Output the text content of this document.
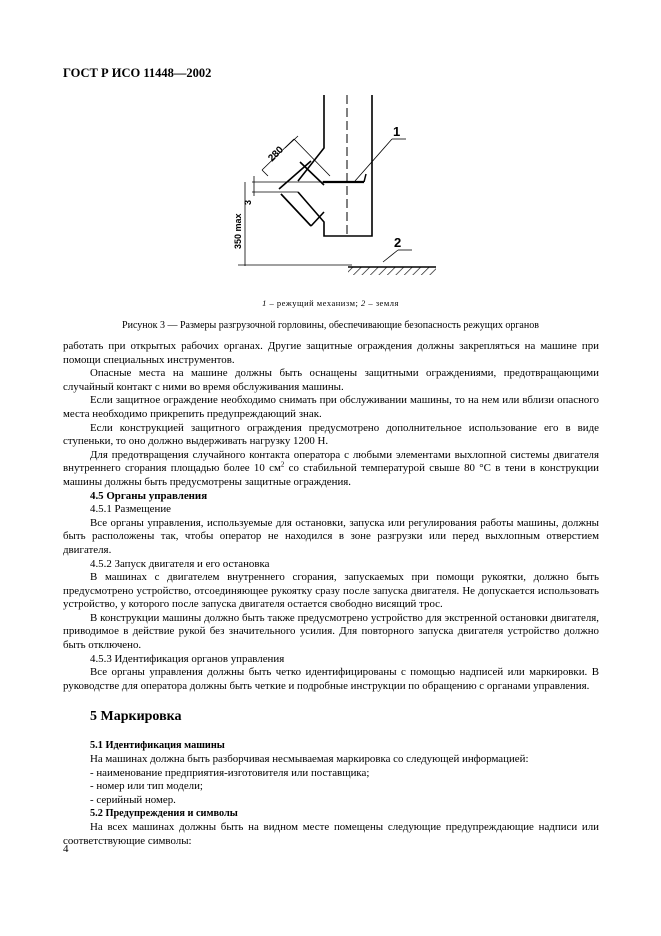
ГОСТ Р ИСО 11448—2002
280
3
350 max
1
2
1 – режущий механизм; 2 – земля
Рисунок 3 — Размеры разгрузочной горловины, обеспечивающие безопасность режущих органов

работать при открытых рабочих органах. Другие защитные ограждения должны закрепляться на машине при помощи специальных инструментов.

Опасные места на машине должны быть оснащены защитными ограждениями, предотвращающими случайный контакт с ними во время обслуживания машины.

Если защитное ограждение необходимо снимать при обслуживании машины, то на нем или вблизи опасного места необходимо прикрепить предупреждающий знак.

Если конструкцией защитного ограждения предусмотрено дополнительное использование его в виде ступеньки, то оно должно выдерживать нагрузку 1200 Н.

Для предотвращения случайного контакта оператора с любыми элементами выхлопной системы двигателя внутреннего сгорания площадью более 10 $см^2$ со стабильной температурой свыше 80 °С в тени в конструкции машины должны быть предусмотрены защитные ограждения.

4.5 Органы управления

4.5.1 Размещение

Все органы управления, используемые для остановки, запуска или регулирования работы машины, должны быть расположены так, чтобы оператор не находился в зоне разгрузки или перед выхлопным отверстием двигателя.

4.5.2 Запуск двигателя и его остановка

В машинах с двигателем внутреннего сгорания, запускаемых при помощи рукоятки, должно быть предусмотрено устройство, отсоединяющее рукоятку сразу после запуска двигателя. Не допускается использовать устройство, у которого после запуска двигателя остается свободно висящий трос.

В конструкции машины должно быть также предусмотрено устройство для экстренной остановки двигателя, приводимое в действие рукой без значительного усилия. Для повторного запуска двигателя устройство должно быть отключено.

4.5.3 Идентификация органов управления

Все органы управления должны быть четко идентифицированы с помощью надписей или маркировки. В руководстве для оператора должны быть четкие и подробные инструкции по обращению с органами управления.

5 Маркировка

5.1 Идентификация машины

На машинах должна быть разборчивая несмываемая маркировка со следующей информацией:

- наименование предприятия-изготовителя или поставщика;

- номер или тип модели;

- серийный номер.

5.2 Предупреждения и символы

На всех машинах должны быть на видном месте помещены следующие предупреждающие надписи или соответствующие символы:

4
